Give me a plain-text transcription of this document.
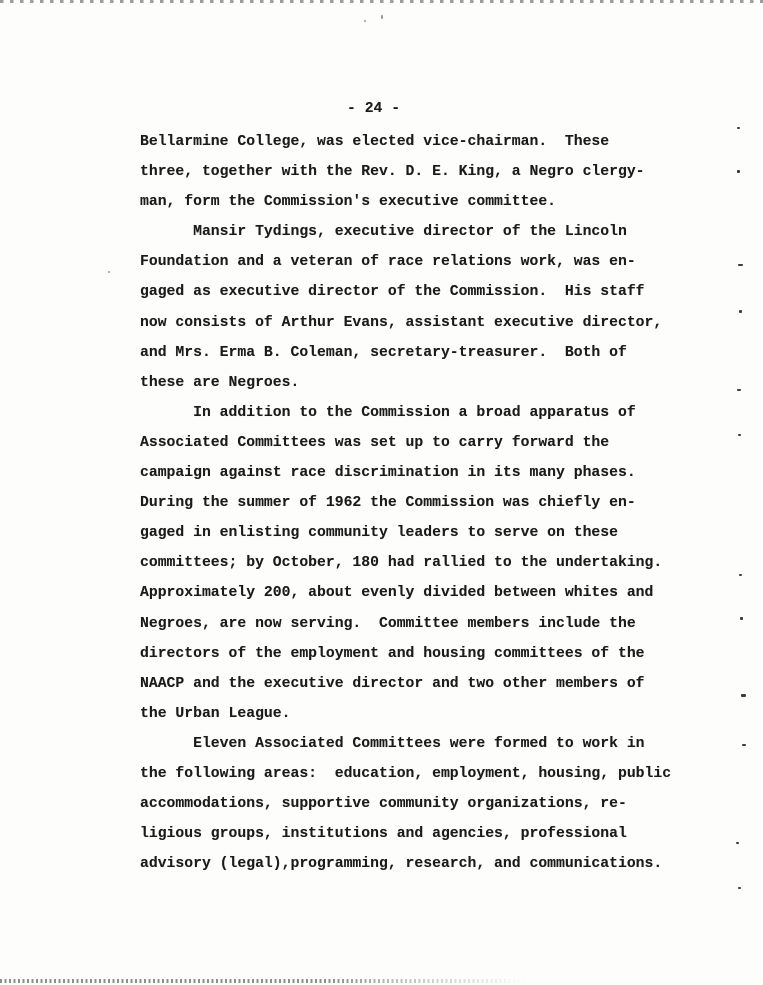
- 24 -
Bellarmine College, was elected vice-chairman.  These
three, together with the Rev. D. E. King, a Negro clergy-
man, form the Commission's executive committee.
Mansir Tydings, executive director of the Lincoln
Foundation and a veteran of race relations work, was en-
gaged as executive director of the Commission.  His staff
now consists of Arthur Evans, assistant executive director,
and Mrs. Erma B. Coleman, secretary-treasurer.  Both of
these are Negroes.
In addition to the Commission a broad apparatus of
Associated Committees was set up to carry forward the
campaign against race discrimination in its many phases.
During the summer of 1962 the Commission was chiefly en-
gaged in enlisting community leaders to serve on these
committees; by October, 180 had rallied to the undertaking.
Approximately 200, about evenly divided between whites and
Negroes, are now serving.  Committee members include the
directors of the employment and housing committees of the
NAACP and the executive director and two other members of
the Urban League.
Eleven Associated Committees were formed to work in
the following areas:  education, employment, housing, public
accommodations, supportive community organizations, re-
ligious groups, institutions and agencies, professional
advisory (legal),programming, research, and communications.
